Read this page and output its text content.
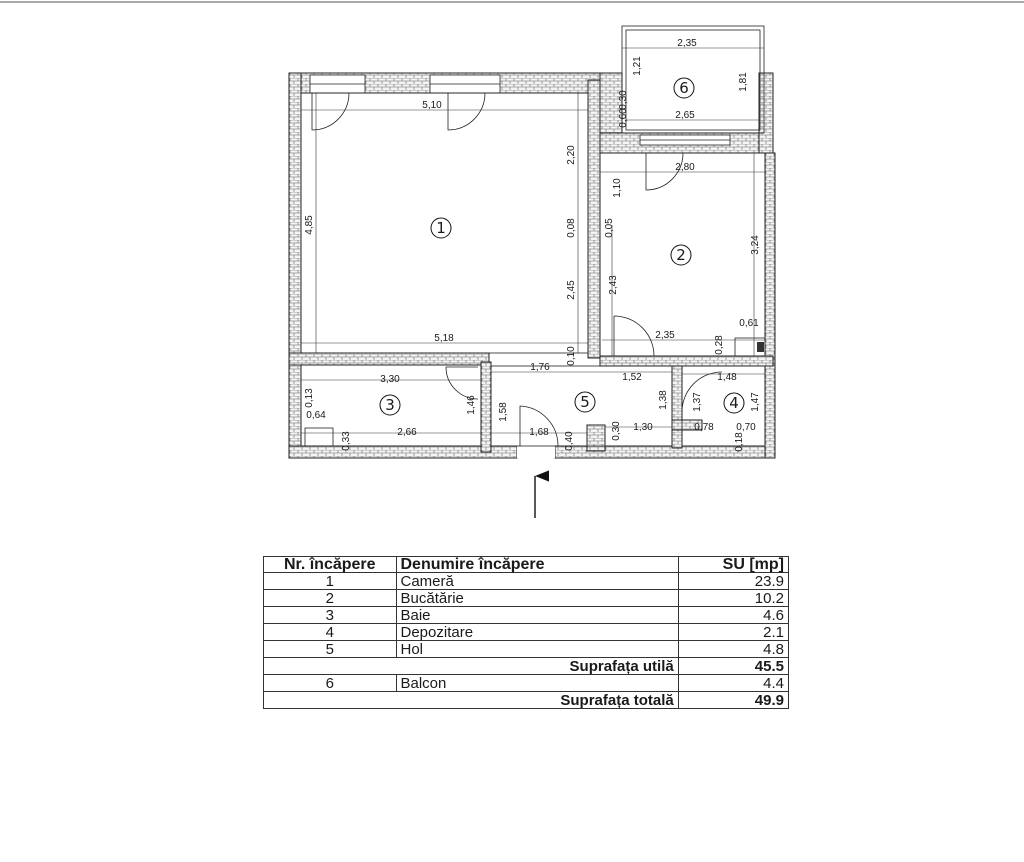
1
2
3	4
5
6
5,10
4,85
2,20
0,08	0,05
2,45
5,18
0,10
2,35
1,21
1,81
0,30
0,60	2,65
2,80
1,10
3,24
2,43
2,35
0,61
0,28
1,76
1,52	1,48
3,30
0,13
0,64
1,46 1,58
1,38 1,37	1,47
0,33	2,66	1,68 0,40
0,30 1,30	0,78 0,70
0,18
Nr. încăpere	Denumire încăpere	SU [mp]
1	Cameră	23.9
2	Bucătărie	10.2
3	Baie	4.6
4	Depozitare	2.1
5	Hol	4.8
Suprafața utilă		45.5
6	Balcon	4.4
Suprafața totală		49.9
